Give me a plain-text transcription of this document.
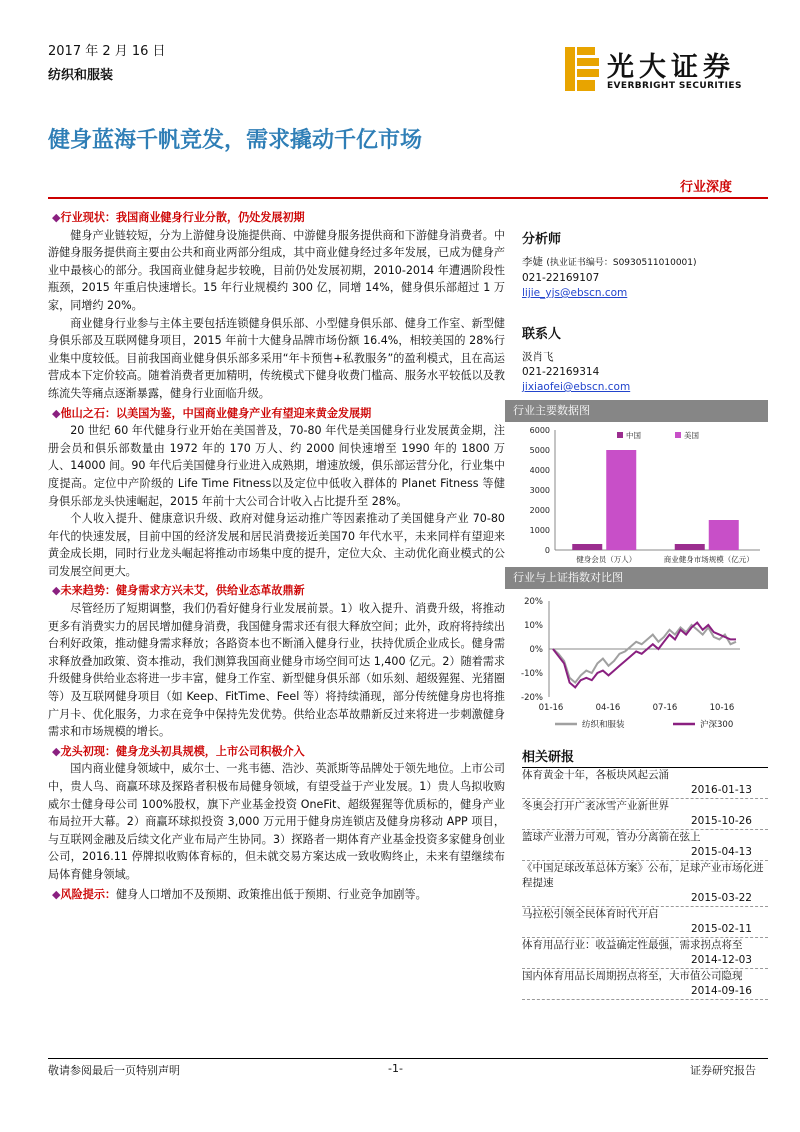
2017 年 2 月 16 日
纺织和服装	光大证券
EVERBRIGHT SECURITIES
健身蓝海千帆竞发，需求撬动千亿市场
行业深度
◆行业现状：我国商业健身行业分散，仍处发展初期

健身产业链较短，分为上游健身设施提供商、中游健身服务提供商和下游健身消费者。中游健身服务提供商主要由公共和商业两部分组成，其中商业健身经过多年发展，已成为健身产业中最核心的部分。我国商业健身起步较晚，目前仍处发展初期，2010-2014 年遭遇阶段性瓶颈，2015 年重启快速增长。15 年行业规模约 300 亿，同增 14%，健身俱乐部超过 1 万家，同增约 20%。

商业健身行业参与主体主要包括连锁健身俱乐部、小型健身俱乐部、健身工作室、新型健身俱乐部及互联网健身项目，2015 年前十大健身品牌市场份额 16.4%，相较美国的 28%行业集中度较低。目前我国商业健身俱乐部多采用“年卡预售+私教服务”的盈利模式，且在高运营成本下定价较高。随着消费者更加精明，传统模式下健身收费门槛高、服务水平较低以及教练流失等痛点逐渐暴露，健身行业面临升级。

◆他山之石：以美国为鉴，中国商业健身产业有望迎来黄金发展期

20 世纪 60 年代健身行业开始在美国普及，70-80 年代是美国健身行业发展黄金期，注册会员和俱乐部数量由 1972 年的 170 万人、约 2000 间快速增至 1990 年的 1800 万人、14000 间。90 年代后美国健身行业进入成熟期，增速放缓，俱乐部运营分化，行业集中度提高。定位中产阶级的 Life Time Fitness以及定位中低收入群体的 Planet Fitness 等健身俱乐部龙头快速崛起，2015 年前十大公司合计收入占比提升至 28%。

个人收入提升、健康意识升级、政府对健身运动推广等因素推动了美国健身产业 70-80 年代的快速发展，目前中国的经济发展和居民消费接近美国70 年代水平，未来同样有望迎来黄金成长期，同时行业龙头崛起将推动市场集中度的提升，定位大众、主动优化商业模式的公司发展空间更大。

◆未来趋势：健身需求方兴未艾，供给业态革故鼎新

尽管经历了短期调整，我们仍看好健身行业发展前景。1）收入提升、消费升级，将推动更多有消费实力的居民增加健身消费，我国健身需求还有很大释放空间；此外，政府将持续出台利好政策，推动健身需求释放；各路资本也不断涌入健身行业，扶持优质企业成长。健身需求释放叠加政策、资本推动，我们测算我国商业健身市场空间可达 1,400 亿元。2）随着需求升级健身供给业态将进一步丰富，健身工作室、新型健身俱乐部（如乐刻、超级猩猩、光猪圈等）及互联网健身项目（如 Keep、FitTime、Feel 等）将持续涌现，部分传统健身房也将推广月卡、优化服务，力求在竞争中保持先发优势。供给业态革故鼎新反过来将进一步刺激健身需求和市场规模的增长。

◆龙头初现：健身龙头初具规模，上市公司积极介入

国内商业健身领域中，威尔士、一兆韦德、浩沙、英派斯等品牌处于领先地位。上市公司中，贵人鸟、商赢环球及探路者积极布局健身领域，有望受益于产业发展。1）贵人鸟拟收购威尔士健身母公司 100%股权，旗下产业基金投资 OneFit、超级猩猩等优质标的，健身产业布局拉开大幕。2）商赢环球拟投资 3,000 万元用于健身房连锁店及健身房移动 APP 项目，与互联网金融及后续文化产业布局产生协同。3）探路者一期体育产业基金投资多家健身创业公司，2016.11 停牌拟收购体育标的，但未就交易方案达成一致收购终止，未来有望继续布局体育健身领域。

◆风险提示：健身人口增加不及预期、政策推出低于预期、行业竞争加剧等。
分析师
李婕 (执业证书编号：S0930511010001)
021-22169107
lijie_yjs@ebscn.com
联系人
汲肖飞
021-22169314
jixiaofei@ebscn.com
行业主要数据图
0
1000
2000
3000
4000
5000
6000
健身会员（万人）	商业健身市场规模（亿元）
中国	美国
行业与上证指数对比图
20%
10%
0%
-10%
-20%
01-16	04-16	07-16	10-16
纺织和服装	沪深300
相关研报
体育黄金十年，各板块风起云涌
2016-01-13
冬奥会打开广袤冰雪产业新世界
2015-10-26
篮球产业潜力可观，管办分离箭在弦上
2015-04-13
《中国足球改革总体方案》公布，足球产业市场化进程提速
2015-03-22
马拉松引领全民体育时代开启
2015-02-11
体育用品行业：收益确定性最强，需求拐点将至
2014-12-03
国内体育用品长周期拐点将至，大市值公司隐现
2014-09-16
敬请参阅最后一页特别声明	-1-	证券研究报告
